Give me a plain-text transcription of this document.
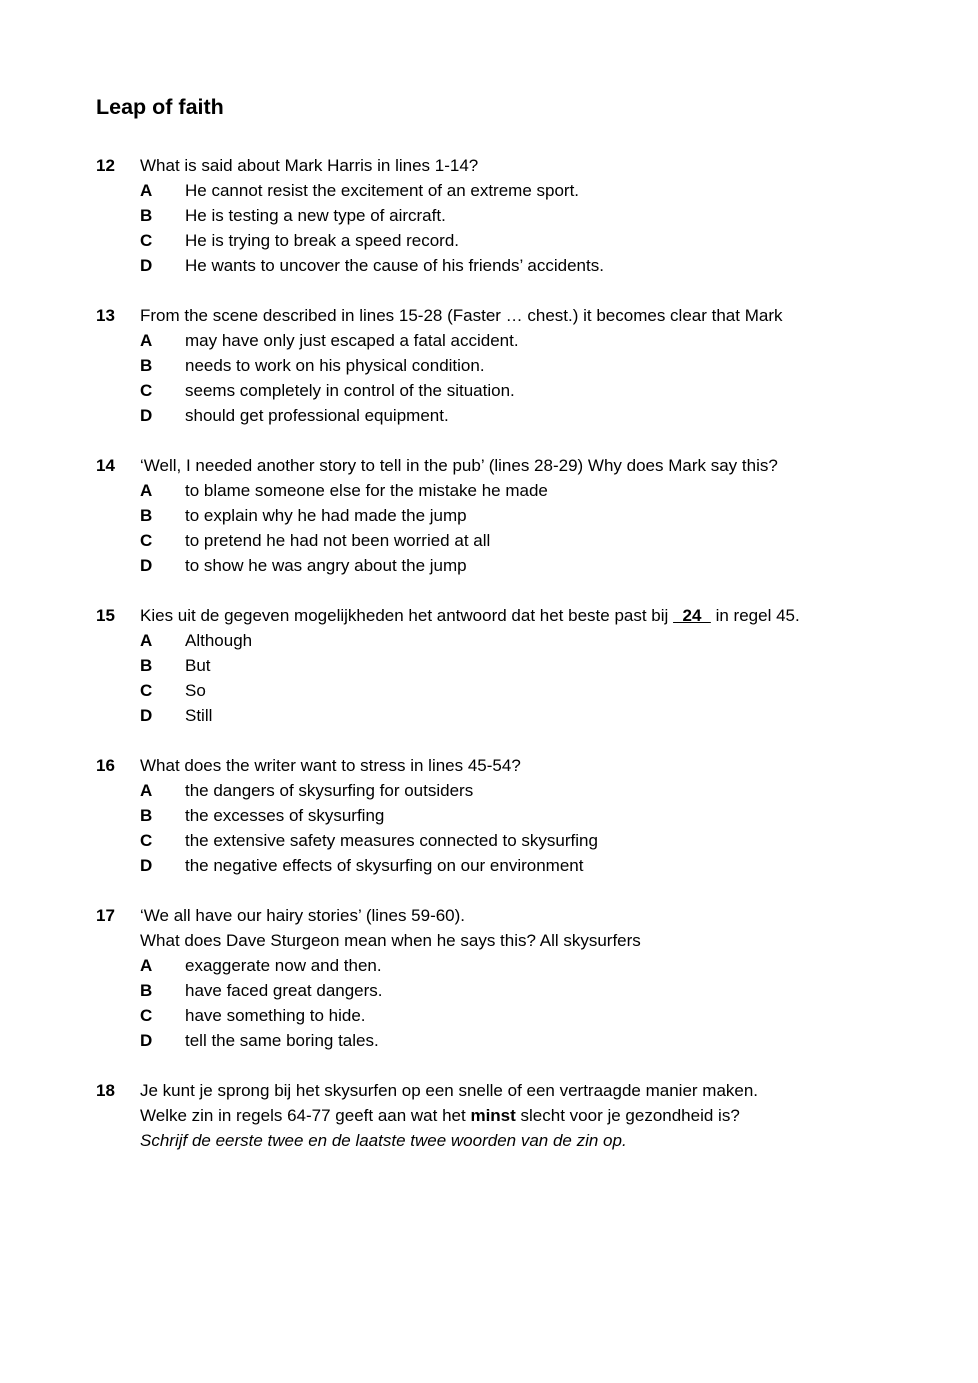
Leap of faith
12	What is said about Mark Harris in lines 1-14?
A He cannot resist the excitement of an extreme sport.
B He is testing a new type of aircraft.
C He is trying to break a speed record.
D He wants to uncover the cause of his friends’ accidents.
13	From the scene described in lines 15-28 (Faster … chest.) it becomes clear that Mark
A may have only just escaped a fatal accident.
B needs to work on his physical condition.
C seems completely in control of the situation.
D should get professional equipment.
14	‘Well, I needed another story to tell in the pub’ (lines 28-29) Why does Mark say this?
A to blame someone else for the mistake he made
B to explain why he had made the jump
C to pretend he had not been worried at all
D to show he was angry about the jump
15	Kies uit de gegeven mogelijkheden het antwoord dat het beste past bij   24   in regel 45.
A Although
B But
C So
D Still
16	What does the writer want to stress in lines 45-54?
A the dangers of skysurfing for outsiders
B the excesses of skysurfing
C the extensive safety measures connected to skysurfing
D the negative effects of skysurfing on our environment
17	‘We all have our hairy stories’ (lines 59-60).
What does Dave Sturgeon mean when he says this? All skysurfers
A exaggerate now and then.
B have faced great dangers.
C have something to hide.
D tell the same boring tales.
18	Je kunt je sprong bij het skysurfen op een snelle of een vertraagde manier maken.
Welke zin in regels 64-77 geeft aan wat het minst slecht voor je gezondheid is?
Schrijf de eerste twee en de laatste twee woorden van de zin op.
